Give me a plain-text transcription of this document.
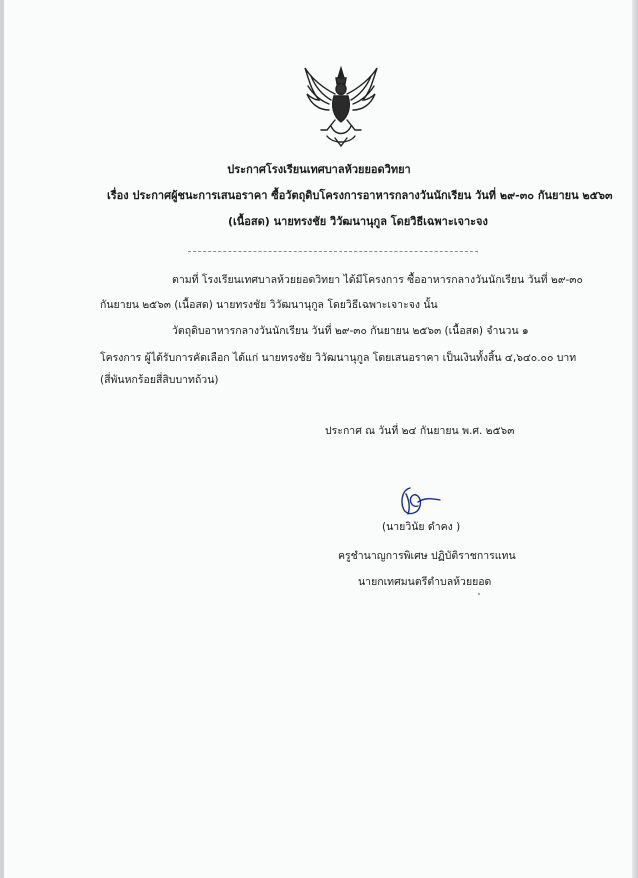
ประกาศโรงเรียนเทศบาลห้วยยอดวิทยา
เรื่อง ประกาศผู้ชนะการเสนอราคา ซื้อวัตถุดิบโครงการอาหารกลางวันนักเรียน วันที่ ๒๙-๓๐ กันยายน ๒๕๖๓
(เนื้อสด) นายทรงชัย วิวัฒนานุกูล โดยวิธีเฉพาะเจาะจง
ตามที่ โรงเรียนเทศบาลห้วยยอดวิทยา ได้มีโครงการ ซื้ออาหารกลางวันนักเรียน วันที่ ๒๙-๓๐
กันยายน ๒๕๖๓ (เนื้อสด) นายทรงชัย วิวัฒนานุกูล โดยวิธีเฉพาะเจาะจง นั้น
วัตถุดิบอาหารกลางวันนักเรียน วันที่ ๒๙-๓๐ กันยายน ๒๕๖๓ (เนื้อสด) จำนวน ๑
โครงการ ผู้ได้รับการคัดเลือก ได้แก่ นายทรงชัย วิวัฒนานุกูล โดยเสนอราคา เป็นเงินทั้งสิ้น ๔,๖๔๐.๐๐ บาท
(สี่พันหกร้อยสี่สิบบาทถ้วน)
ประกาศ ณ วันที่ ๒๔ กันยายน พ.ศ. ๒๕๖๓
(นายวินัย ดำคง )
ครูชำนาญการพิเศษ ปฏิบัติราชการแทน
นายกเทศมนตรีตำบลห้วยยอด
